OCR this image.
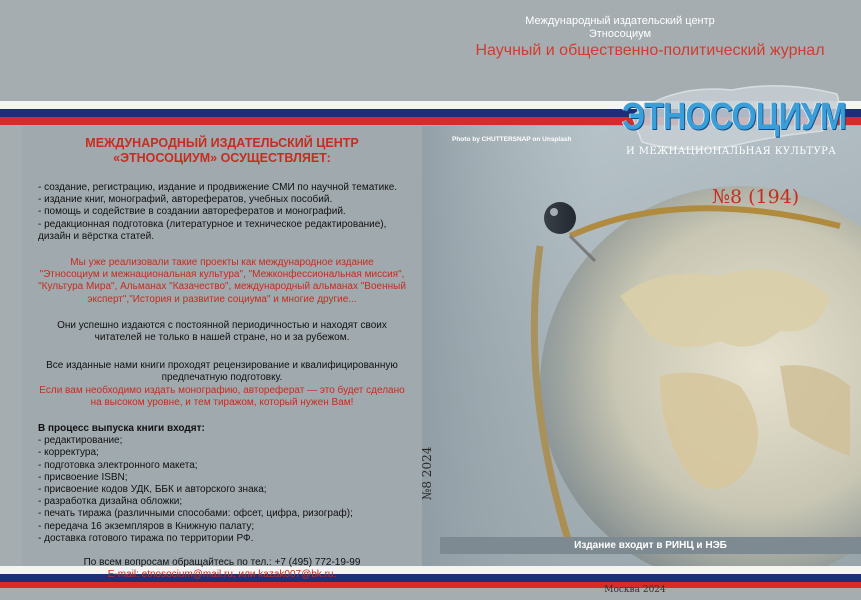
Международный издательский центр
Этносоциум
Научный и общественно-политический журнал
Photo by CHUTTERSNAP on Unsplash
ЭТНОСОЦИУМ
И МЕЖНАЦИОНАЛЬНАЯ КУЛЬТУРА
№8 (194)
МЕЖДУНАРОДНЫЙ ИЗДАТЕЛЬСКИЙ ЦЕНТР
«ЭТНОСОЦИУМ» ОСУЩЕСТВЛЯЕТ:
- создание, регистрацию, издание и продвижение СМИ по научной тематике.
- издание книг, монографий, авторефератов, учебных пособий.
- помощь и содействие в создании авторефератов и монографий.
- редакционная подготовка (литературное и техническое редактирование),
дизайн и вёрстка статей.
Мы уже реализовали такие проекты как международное издание
"Этносоциум и межнациональная культура", "Межконфессиональная миссия",
"Культура Мира", Альманах "Казачество", международный альманах "Военный
эксперт","История и развитие социума" и многие другие...
Они успешно издаются с постоянной периодичностью и находят своих
читателей не только в нашей стране, но и за рубежом.
Все изданные нами книги проходят рецензирование и квалифицированную
предпечатную подготовку.
Если вам необходимо издать монографию, автореферат — это будет сделано
на высоком уровне, и тем тиражом, который нужен Вам!
В процесс выпуска книги входят:
- редактирование;
- корректура;
- подготовка электронного макета;
- присвоение ISBN;
- присвоение кодов УДК, ББК и авторского знака;
- разработка дизайна обложки;
- печать тиража (различными способами: офсет, цифра, ризограф);
- передача 16 экземпляров в Книжную палату;
- доставка готового тиража по территории РФ.
По всем вопросам обращайтесь по тел.: +7 (495) 772-19-99
E-mail: etnosocium@mail.ru, или kazak007@bk.ru.
№8 2024
Издание входит в РИНЦ и НЭБ
Москва 2024
